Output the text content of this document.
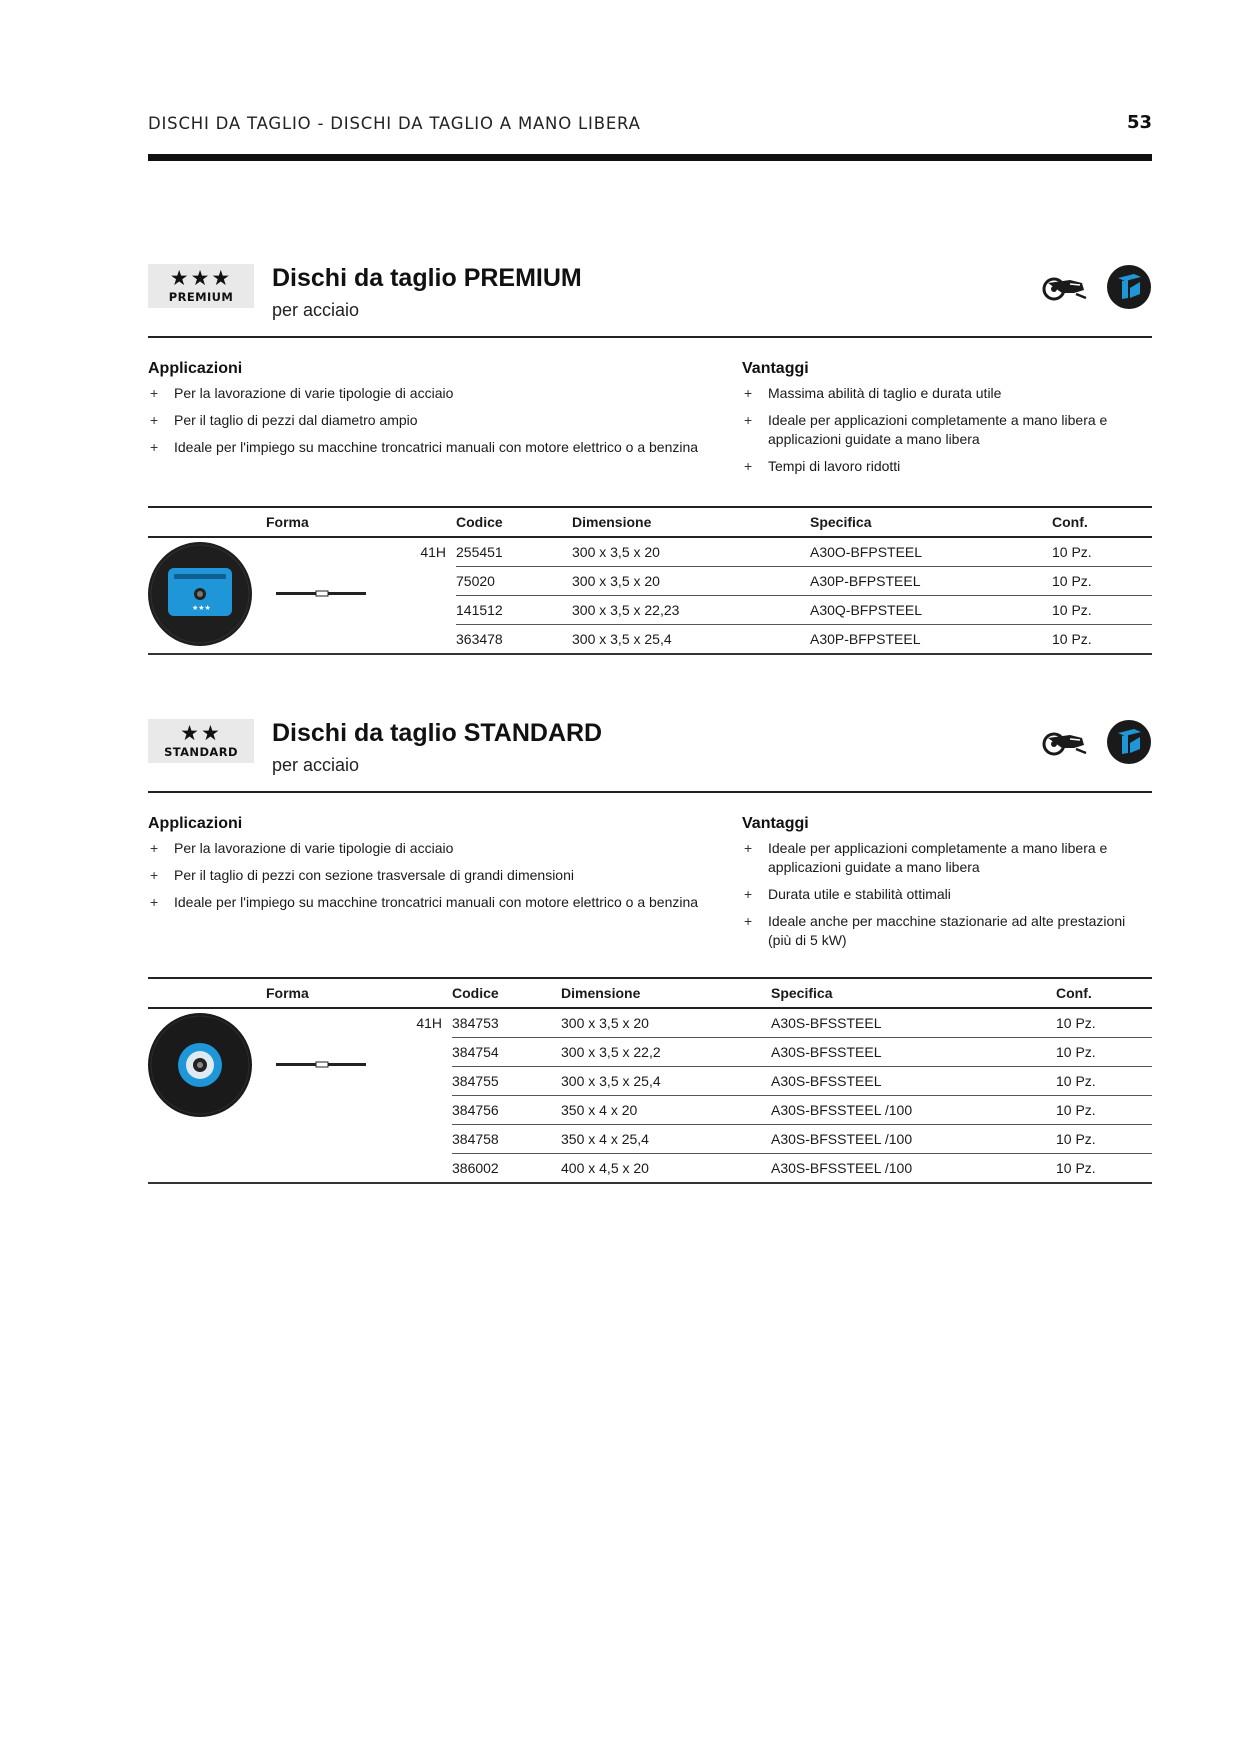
DISCHI DA TAGLIO - DISCHI DA TAGLIO A MANO LIBERA	53
★★★
PREMIUM
Dischi da taglio PREMIUM
per acciaio
Applicazioni
+ Per la lavorazione di varie tipologie di acciaio
+ Per il taglio di pezzi dal diametro ampio
+ Ideale per l'impiego su macchine troncatrici manuali con motore elettrico o a benzina
Vantaggi
+ Massima abilità di taglio e durata utile
+ Ideale per applicazioni completamente a mano libera e applicazioni guidate a mano libera
+ Tempi di lavoro ridotti
Forma		Codice	Dimensione	Specifica	Conf.

★★★	41H	255451	300 x 3,5 x 20	A30O-BFPSTEEL	10 Pz.
		75020	300 x 3,5 x 20	A30P-BFPSTEEL	10 Pz.
		141512	300 x 3,5 x 22,23	A30Q-BFPSTEEL	10 Pz.
		363478	300 x 3,5 x 25,4	A30P-BFPSTEEL	10 Pz.
★★
STANDARD
Dischi da taglio STANDARD
per acciaio
Applicazioni
+ Per la lavorazione di varie tipologie di acciaio
+ Per il taglio di pezzi con sezione trasversale di grandi dimensioni
+ Ideale per l'impiego su macchine troncatrici manuali con motore elettrico o a benzina
Vantaggi
+ Ideale per applicazioni completamente a mano libera e applicazioni guidate a mano libera
+ Durata utile e stabilità ottimali
+ Ideale anche per macchine stazionarie ad alte prestazioni (più di 5 kW)
Forma		Codice	Dimensione	Specifica	Conf.

	41H	384753	300 x 3,5 x 20	A30S-BFSSTEEL	10 Pz.
		384754	300 x 3,5 x 22,2	A30S-BFSSTEEL	10 Pz.
		384755	300 x 3,5 x 25,4	A30S-BFSSTEEL	10 Pz.
		384756	350 x 4 x 20	A30S-BFSSTEEL /100	10 Pz.
		384758	350 x 4 x 25,4	A30S-BFSSTEEL /100	10 Pz.
		386002	400 x 4,5 x 20	A30S-BFSSTEEL /100	10 Pz.
